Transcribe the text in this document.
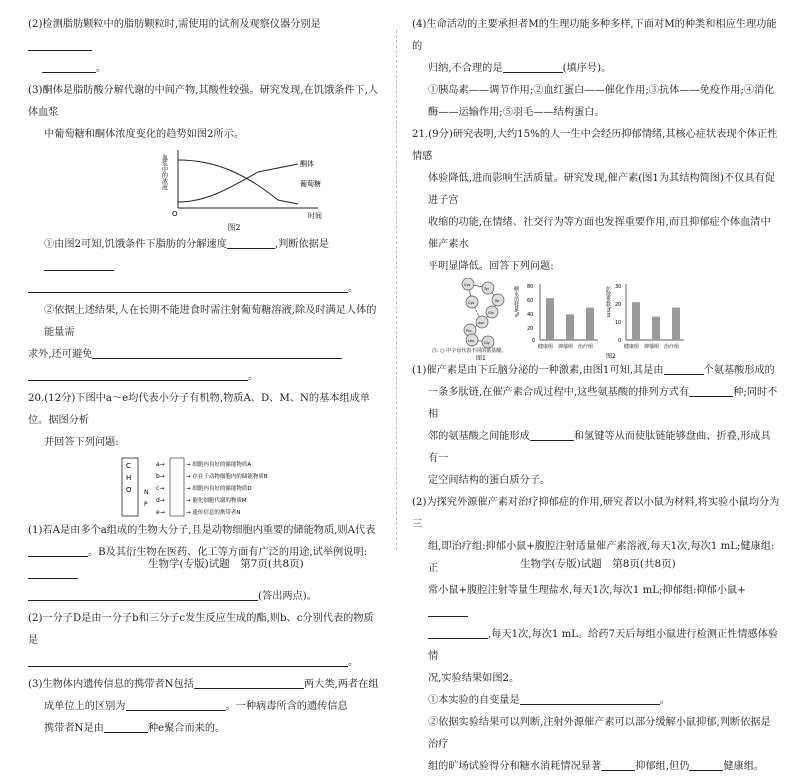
(2)检测脂肪颗粒中的脂肪颗粒时,需使用的试剂及观察仪器分别是

。

(3)酮体是脂肪酸分解代谢的中间产物,其酸性较强。研究发现,在饥饿条件下,人体血浆

中葡萄糖和酮体浓度变化的趋势如图2所示。

血浆中的浓度
O	时间
酮体
葡萄糖

图2

①由图2可知,饥饿条件下脂肪的分解速度	,判断依据是

。

②依据上述结果,人在长期不能进食时需注射葡萄糖溶液,除及时满足人体的能量需

求外,还可避免

。

20.(12分)下图中a～e均代表小分子有机物,物质A、D、M、N的基本组成单位。据图分析

并回答下列问题:

C
H
O N
P
a→
b→
c→
d→
e→
→ 细胞内良好的储能物质A
→ 存在于动物细胞内的储能物质B
→ 细胞内良好的储能物质D
→ 催化细胞代谢的物质M
→ 遗传信息的携带者N

(1)若A是由多个a组成的生物大分子,且是动物细胞内重要的储能物质,则A代表

。B及其衍生物在医药、化工等方面有广泛的用途,试举例说明:

(答出两点)。

(2)一分子D是由一分子b和三分子c发生反应生成的酯,则b、c分别代表的物质是

。

(3)生物体内遗传信息的携带者N包括	两大类,两者在组

成单位上的区别为	。一种病毒所含的遗传信息

携带者N是由	种e聚合而来的。

生物学(专版)试题　第7页(共8页)

(4)生命活动的主要承担者M的生理功能多种多样,下面对M的种类和相应生理功能的

归纳,不合理的是	(填序号)。

①胰岛素——调节作用;②血红蛋白——催化作用;③抗体——免疫作用;④消化

酶——运输作用;⑤羽毛——结构蛋白。

21.(9分)研究表明,大约15%的人一生中会经历抑郁情绪,其核心症状表现个体正性情感

体验降低,进而影响生活质量。研究发现,催产素(图1为其结构简图)不仅具有促进子宫

收缩的功能,在情绪、社交行为等方面也发挥重要作用,而且抑郁症个体血清中催产素水

平明显降低。回答下列问题:

Cys
Tyr
Ile
Gln
Asn
Cys
Pro
Leu	Gly
注: ○ 中字母代表不同的氨基酸。
图1
糖水消耗量/% 80
60
40
20
0
健康组 抑郁组 治疗组
扩散系数/mm 30
20
10
0
健康组 抑郁组 治疗组
图2

(1)催产素是由下丘脑分泌的一种激素,由图1可知,其是由	个氨基酸形成的

一条多肽链,在催产素合成过程中,这些氨基酸的排列方式有	种;同时不相

邻的氨基酸之间能形成	和氢键等从而使肽链能够盘曲、折叠,形成具有一

定空间结构的蛋白质分子。

(2)为探究外源催产素对治疗抑郁症的作用,研究者以小鼠为材料,将实验小鼠均分为三

组,即治疗组:抑郁小鼠+腹腔注射适量催产素溶液,每天1次,每次1 mL;健康组:正

常小鼠+腹腔注射等量生理盐水,每天1次,每次1 mL;抑郁组:抑郁小鼠+

,每天1次,每次1 mL。给药7天后每组小鼠进行检测正性情感体验情

况,实验结果如图2。

①本实验的自变量是	。

②依据实验结果可以判断,注射外源催产素可以部分缓解小鼠抑郁,判断依据是治疗

组的旷场试验得分和糖水消耗情况显著	抑郁组,但仍	健康组。

生物学(专版)试题　第8页(共8页)
